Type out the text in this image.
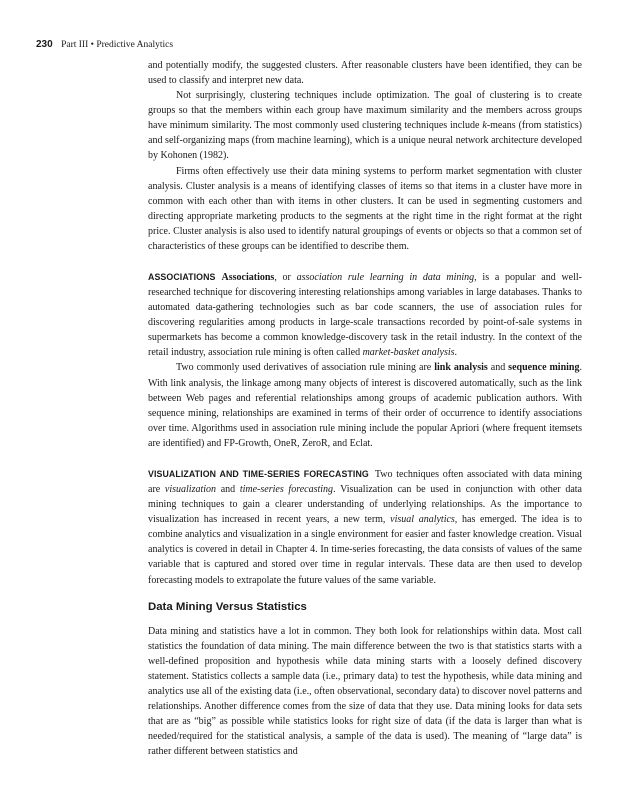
230 Part III • Predictive Analytics

and potentially modify, the suggested clusters. After reasonable clusters have been identified, they can be used to classify and interpret new data.

Not surprisingly, clustering techniques include optimization. The goal of clustering is to create groups so that the members within each group have maximum similarity and the members across groups have minimum similarity. The most commonly used clustering techniques include k-means (from statistics) and self-organizing maps (from machine learning), which is a unique neural network architecture developed by Kohonen (1982).

Firms often effectively use their data mining systems to perform market segmentation with cluster analysis. Cluster analysis is a means of identifying classes of items so that items in a cluster have more in common with each other than with items in other clusters. It can be used in segmenting customers and directing appropriate marketing products to the segments at the right time in the right format at the right price. Cluster analysis is also used to identify natural groupings of events or objects so that a common set of characteristics of these groups can be identified to describe them.

ASSOCIATIONS Associations, or association rule learning in data mining, is a popular and well-researched technique for discovering interesting relationships among variables in large databases. Thanks to automated data-gathering technologies such as bar code scanners, the use of association rules for discovering regularities among products in large-scale transactions recorded by point-of-sale systems in supermarkets has become a common knowledge-discovery task in the retail industry. In the context of the retail industry, association rule mining is often called market-basket analysis.

Two commonly used derivatives of association rule mining are link analysis and sequence mining. With link analysis, the linkage among many objects of interest is discovered automatically, such as the link between Web pages and referential relationships among groups of academic publication authors. With sequence mining, relationships are examined in terms of their order of occurrence to identify associations over time. Algorithms used in association rule mining include the popular Apriori (where frequent itemsets are identified) and FP-Growth, OneR, ZeroR, and Eclat.

VISUALIZATION AND TIME-SERIES FORECASTING Two techniques often associated with data mining are visualization and time-series forecasting. Visualization can be used in conjunction with other data mining techniques to gain a clearer understanding of underlying relationships. As the importance to visualization has increased in recent years, a new term, visual analytics, has emerged. The idea is to combine analytics and visualization in a single environment for easier and faster knowledge creation. Visual analytics is covered in detail in Chapter 4. In time-series forecasting, the data consists of values of the same variable that is captured and stored over time in regular intervals. These data are then used to develop forecasting models to extrapolate the future values of the same variable.

Data Mining Versus Statistics

Data mining and statistics have a lot in common. They both look for relationships within data. Most call statistics the foundation of data mining. The main difference between the two is that statistics starts with a well-defined proposition and hypothesis while data mining starts with a loosely defined discovery statement. Statistics collects a sample data (i.e., primary data) to test the hypothesis, while data mining and analytics use all of the existing data (i.e., often observational, secondary data) to discover novel patterns and relationships. Another difference comes from the size of data that they use. Data mining looks for data sets that are as “big” as possible while statistics looks for right size of data (if the data is larger than what is needed/required for the statistical analysis, a sample of the data is used). The meaning of “large data” is rather different between statistics and
